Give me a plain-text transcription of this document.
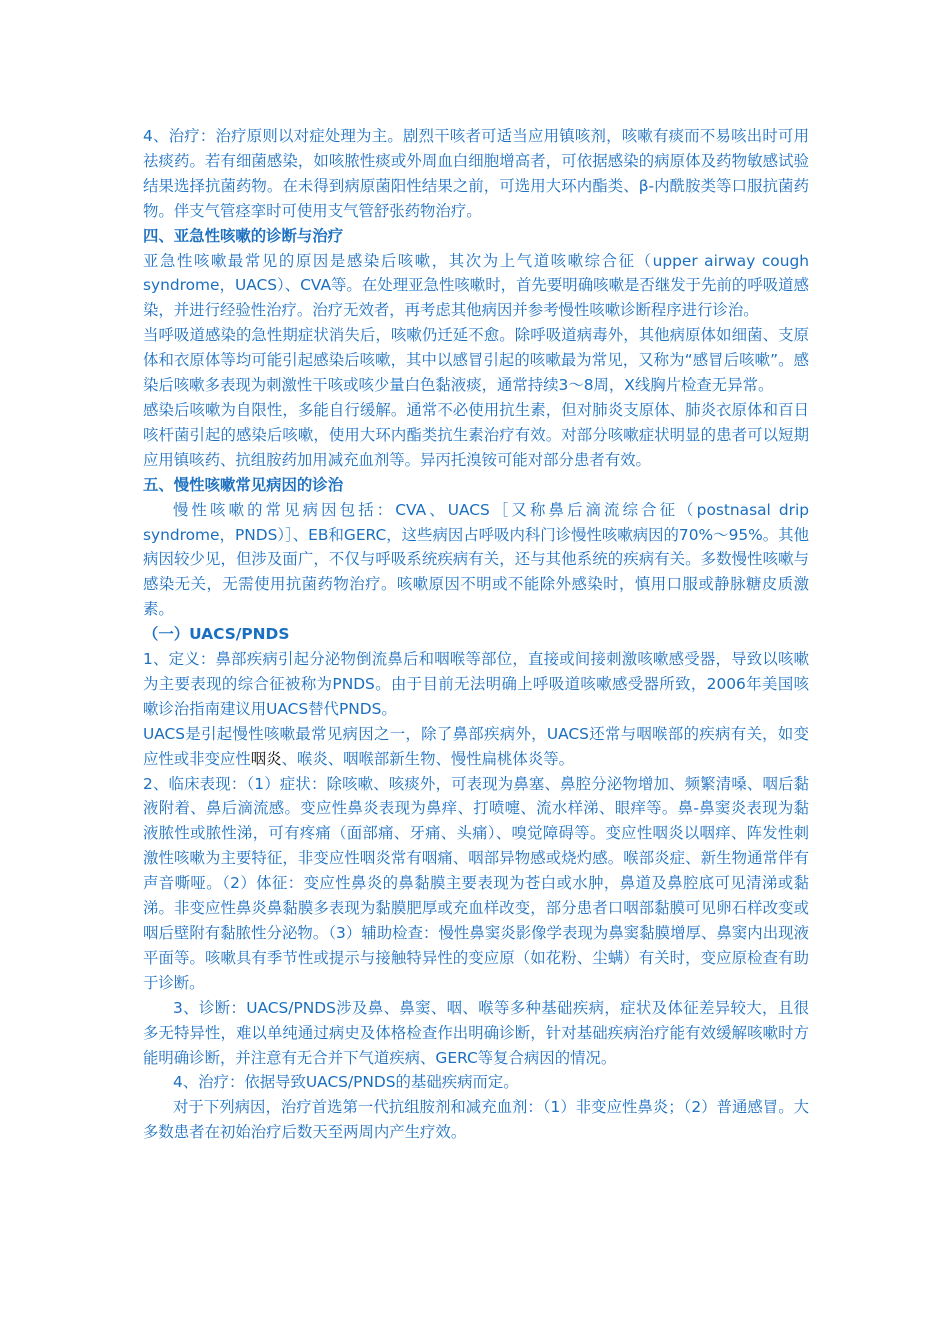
4、治疗：治疗原则以对症处理为主。剧烈干咳者可适当应用镇咳剂，咳嗽有痰而不易咳出时可用祛痰药。若有细菌感染，如咳脓性痰或外周血白细胞增高者，可依据感染的病原体及药物敏感试验结果选择抗菌药物。在未得到病原菌阳性结果之前，可选用大环内酯类、β-内酰胺类等口服抗菌药物。伴支气管痉挛时可使用支气管舒张药物治疗。

四、亚急性咳嗽的诊断与治疗

亚急性咳嗽最常见的原因是感染后咳嗽，其次为上气道咳嗽综合征（upper airway cough syndrome，UACS）、CVA等。在处理亚急性咳嗽时，首先要明确咳嗽是否继发于先前的呼吸道感染，并进行经验性治疗。治疗无效者，再考虑其他病因并参考慢性咳嗽诊断程序进行诊治。

当呼吸道感染的急性期症状消失后，咳嗽仍迁延不愈。除呼吸道病毒外，其他病原体如细菌、支原体和衣原体等均可能引起感染后咳嗽，其中以感冒引起的咳嗽最为常见，又称为“感冒后咳嗽”。感染后咳嗽多表现为刺激性干咳或咳少量白色黏液痰，通常持续3～8周，X线胸片检查无异常。

感染后咳嗽为自限性，多能自行缓解。通常不必使用抗生素，但对肺炎支原体、肺炎衣原体和百日咳杆菌引起的感染后咳嗽，使用大环内酯类抗生素治疗有效。对部分咳嗽症状明显的患者可以短期应用镇咳药、抗组胺药加用减充血剂等。异丙托溴铵可能对部分患者有效。

五、慢性咳嗽常见病因的诊治

慢性咳嗽的常见病因包括：CVA、UACS［又称鼻后滴流综合征（postnasal drip syndrome，PNDS）］、EB和GERC，这些病因占呼吸内科门诊慢性咳嗽病因的70%～95%。其他病因较少见，但涉及面广，不仅与呼吸系统疾病有关，还与其他系统的疾病有关。多数慢性咳嗽与感染无关，无需使用抗菌药物治疗。咳嗽原因不明或不能除外感染时，慎用口服或静脉糖皮质激素。

（一）UACS/PNDS

1、定义：鼻部疾病引起分泌物倒流鼻后和咽喉等部位，直接或间接刺激咳嗽感受器，导致以咳嗽为主要表现的综合征被称为PNDS。由于目前无法明确上呼吸道咳嗽感受器所致，2006年美国咳嗽诊治指南建议用UACS替代PNDS。

UACS是引起慢性咳嗽最常见病因之一，除了鼻部疾病外，UACS还常与咽喉部的疾病有关，如变应性或非变应性咽炎、喉炎、咽喉部新生物、慢性扁桃体炎等。

2、临床表现：（1）症状：除咳嗽、咳痰外，可表现为鼻塞、鼻腔分泌物增加、频繁清嗓、咽后黏液附着、鼻后滴流感。变应性鼻炎表现为鼻痒、打喷嚏、流水样涕、眼痒等。鼻-鼻窦炎表现为黏液脓性或脓性涕，可有疼痛（面部痛、牙痛、头痛）、嗅觉障碍等。变应性咽炎以咽痒、阵发性刺激性咳嗽为主要特征，非变应性咽炎常有咽痛、咽部异物感或烧灼感。喉部炎症、新生物通常伴有声音嘶哑。（2）体征：变应性鼻炎的鼻黏膜主要表现为苍白或水肿，鼻道及鼻腔底可见清涕或黏涕。非变应性鼻炎鼻黏膜多表现为黏膜肥厚或充血样改变，部分患者口咽部黏膜可见卵石样改变或咽后壁附有黏脓性分泌物。（3）辅助检查：慢性鼻窦炎影像学表现为鼻窦黏膜增厚、鼻窦内出现液平面等。咳嗽具有季节性或提示与接触特异性的变应原（如花粉、尘螨）有关时，变应原检查有助于诊断。

3、诊断：UACS/PNDS涉及鼻、鼻窦、咽、喉等多种基础疾病，症状及体征差异较大，且很多无特异性，难以单纯通过病史及体格检查作出明确诊断，针对基础疾病治疗能有效缓解咳嗽时方能明确诊断，并注意有无合并下气道疾病、GERC等复合病因的情况。

4、治疗：依据导致UACS/PNDS的基础疾病而定。

对于下列病因，治疗首选第一代抗组胺剂和减充血剂：（1）非变应性鼻炎；（2）普通感冒。大多数患者在初始治疗后数天至两周内产生疗效。
